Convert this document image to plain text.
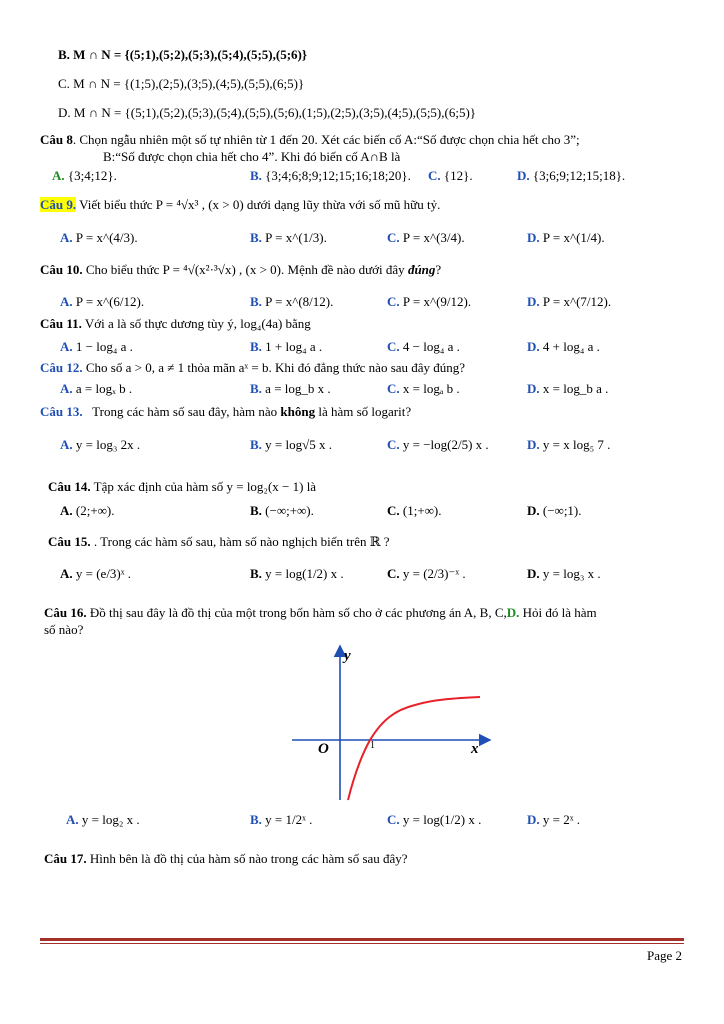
B. M ∩ N = {(5;1),(5;2),(5;3),(5;4),(5;5),(5;6)}
C. M ∩ N = {(1;5),(2;5),(3;5),(4;5),(5;5),(6;5)}
D. M ∩ N = {(5;1),(5;2),(5;3),(5;4),(5;5),(5;6),(1;5),(2;5),(3;5),(4;5),(5;5),(6;5)}
Câu 8. Chọn ngẫu nhiên một số tự nhiên từ 1 đến 20. Xét các biến cố A:“Số được chọn chia hết cho 3”;
B:“Số được chọn chia hết cho 4”. Khi đó biến cố A∩B là
A. {3;4;12}.	B. {3;4;6;8;9;12;15;16;18;20}. C. {12}.	D. {3;6;9;12;15;18}.
Câu 9. Viết biểu thức P = ⁴√x³ , (x > 0) dưới dạng lũy thừa với số mũ hữu tỷ.
A. P = x^(4/3).	B. P = x^(1/3).	C. P = x^(3/4).	D. P = x^(1/4).
Câu 10. Cho biểu thức P = ⁴√(x²·³√x) , (x > 0). Mệnh đề nào dưới đây đúng?
A. P = x^(6/12).	B. P = x^(8/12).	C. P = x^(9/12).	D. P = x^(7/12).
Câu 11. Với a là số thực dương tùy ý, log₄(4a) bằng
A. 1 − log₄ a .	B. 1 + log₄ a .	C. 4 − log₄ a .	D. 4 + log₄ a .
Câu 12. Cho số a > 0, a ≠ 1 thỏa mãn aˣ = b. Khi đó đẳng thức nào sau đây đúng?
A. a = logₓ b .	B. a = log_b x .	C. x = logₐ b .	D. x = log_b a .
Câu 13. Trong các hàm số sau đây, hàm nào không là hàm số logarit?
A. y = log₃ 2x .	B. y = log√5 x .	C. y = −log(2/5) x .	D. y = x log₅ 7 .
Câu 14. Tập xác định của hàm số y = log₂(x − 1) là
A. (2;+∞).	B. (−∞;+∞).	C. (1;+∞).	D. (−∞;1).
Câu 15. . Trong các hàm số sau, hàm số nào nghịch biến trên ℝ ?
A. y = (e/3)ˣ .	B. y = log(1/2) x .	C. y = (2/3)⁻ˣ .	D. y = log₃ x .
Câu 16. Đồ thị sau đây là đồ thị của một trong bốn hàm số cho ở các phương án A, B, C,D. Hỏi đó là hàm
số nào?
y
x
O	1
A. y = log₂ x .	B. y = 1/2ˣ .	C. y = log(1/2) x .	D. y = 2ˣ .
Câu 17. Hình bên là đồ thị của hàm số nào trong các hàm số sau đây?
Page 2
